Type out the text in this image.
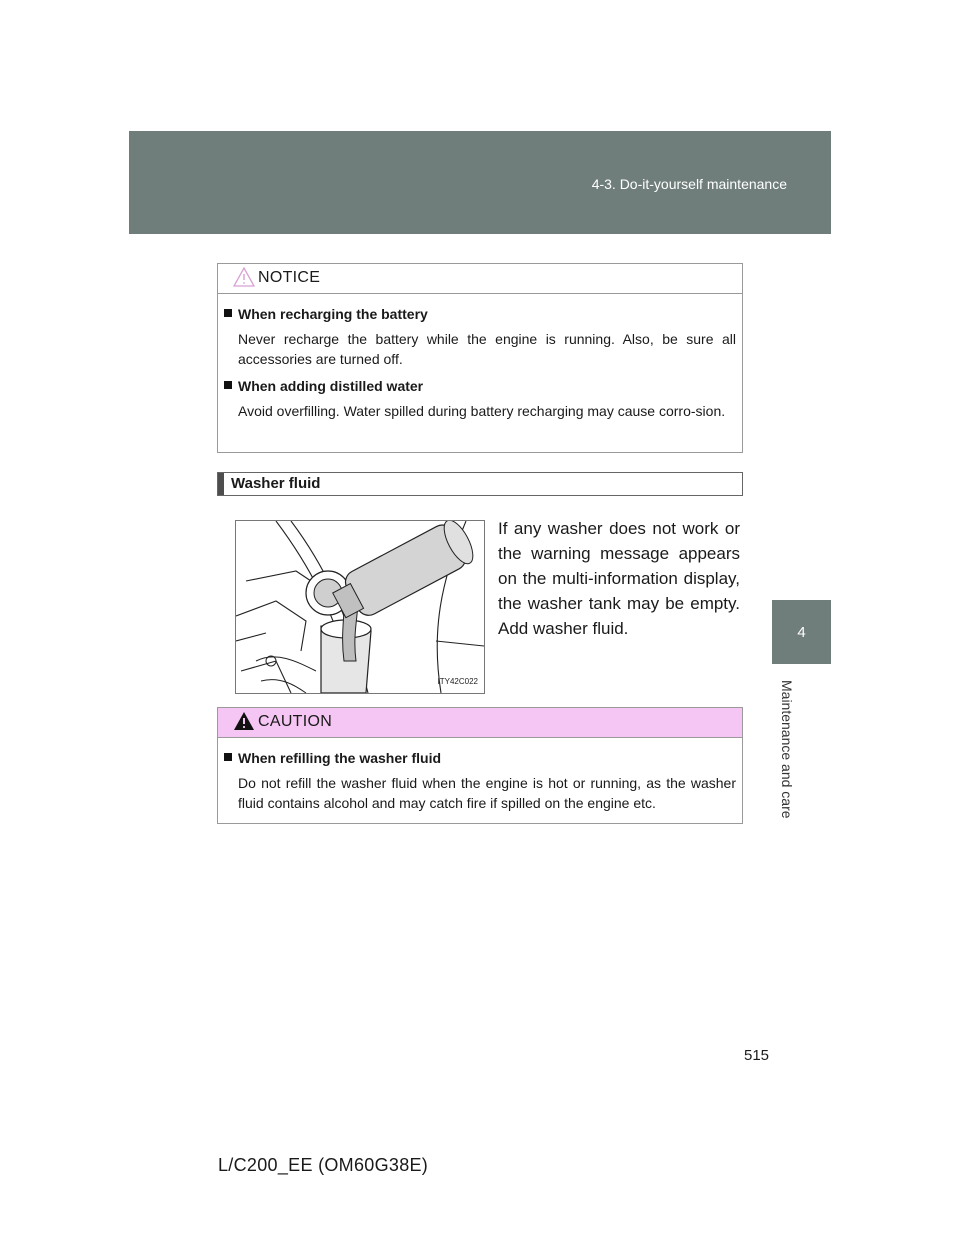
4-3. Do-it-yourself maintenance
4
Maintenance and care
NOTICE
When recharging the battery
Never recharge the battery while the engine is running. Also, be sure all accessories are turned off.
When adding distilled water
Avoid overfilling. Water spilled during battery recharging may cause corro-sion.
Washer fluid
ITY42C022
If any washer does not work or the warning message appears on the multi-information display, the washer tank may be empty. Add washer fluid.
CAUTION
When refilling the washer fluid
Do not refill the washer fluid when the engine is hot or running, as the washer fluid contains alcohol and may catch fire if spilled on the engine etc.
515
L/C200_EE (OM60G38E)
